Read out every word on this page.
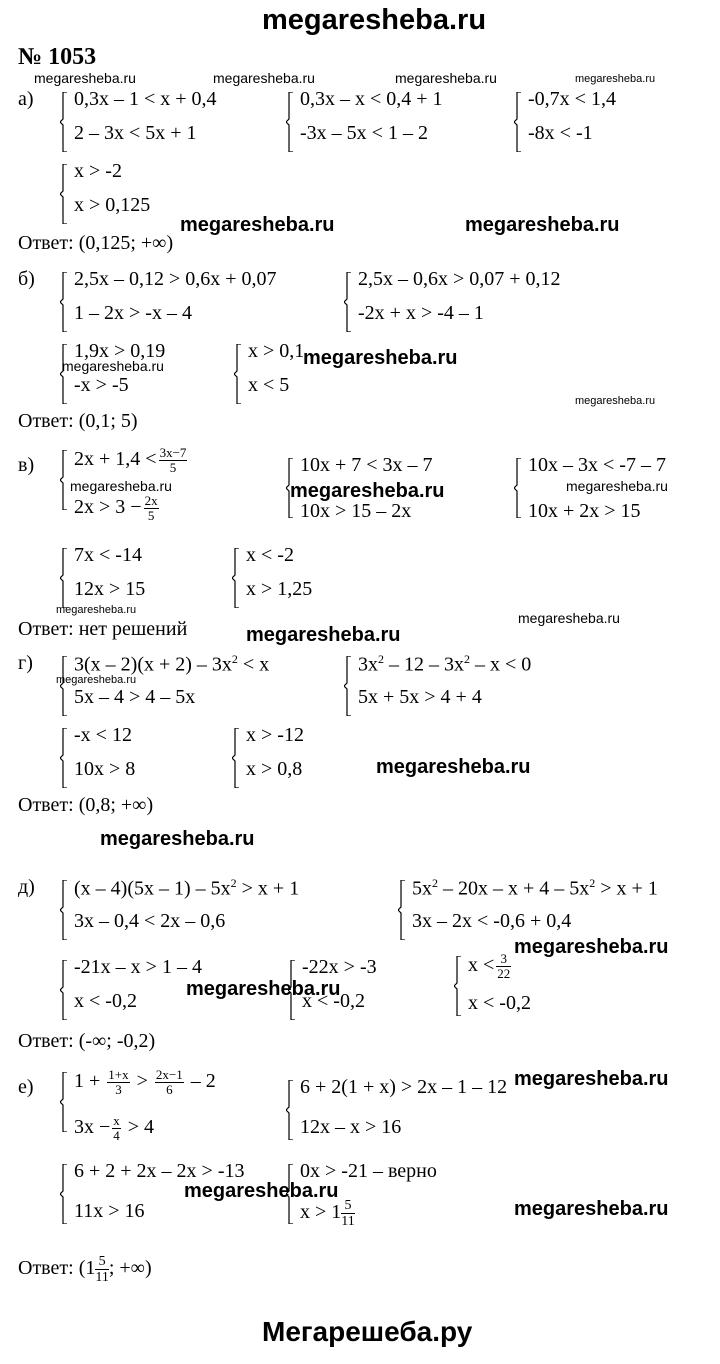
megaresheba.ru
№ 1053
megaresheba.ru	megaresheba.ru	megaresheba.ru	megaresheba.ru
а) 0,3x – 1 < x + 0,4
2 – 3x < 5x + 1
0,3x – x < 0,4 + 1
-3x – 5x < 1 – 2
-0,7x < 1,4
-8x < -1
x > -2
x > 0,125
megaresheba.ru	megaresheba.ru
Ответ: (0,125; +∞)
б) 2,5x – 0,12 > 0,6x + 0,07
1 – 2x > -x – 4
2,5x – 0,6x > 0,07 + 0,12
-2x + x > -4 – 1
1,9x > 0,19
-x > -5
megaresheba.ru
x > 0,1
x < 5
megaresheba.ru
megaresheba.ru
Ответ: (0,1; 5)
в) $2x + 1,4 < \frac{3x-7}{5}$
$2x > 3 - \frac{2x}{5}$
megaresheba.ru
10x + 7 < 3x – 7
10x > 15 – 2x
megaresheba.ru
10x – 3x < -7 – 7
10x + 2x > 15
megaresheba.ru
7x < -14
12x > 15
x < -2
x > 1,25
megaresheba.ru	megaresheba.ru
Ответ: нет решений	megaresheba.ru
г) $3(x - 2)(x + 2) - 3x^2 < x$
5x – 4 > 4 – 5x
megaresheba.ru
$3x^2 - 12 - 3x^2 - x < 0$
5x + 5x > 4 + 4
-x < 12
10x > 8
x > -12
x > 0,8	megaresheba.ru
Ответ: (0,8; +∞)
megaresheba.ru
д) $(x - 4)(5x - 1) - 5x^2 > x + 1$
3x – 0,4 < 2x – 0,6
$5x^2 - 20x - x + 4 - 5x^2 > x + 1$
3x – 2x < -0,6 + 0,4
megaresheba.ru
-21x – x > 1 – 4
x < -0,2
-22x > -3
x < -0,2
megaresheba.ru
$x < \frac{3}{22}$
x < -0,2
Ответ: (-∞; -0,2)
е) $1 + \frac{1+x}{3} > \frac{2x-1}{6} - 2$
$3x - \frac{x}{4} > 4$
6 + 2(1 + x) > 2x – 1 – 12
12x – x > 16
megaresheba.ru
6 + 2 + 2x – 2x > -13
11x > 16
0x > -21 – верно
$x > 1 \frac{5}{11}$
megaresheba.ru
megaresheba.ru
Ответ: ($1 \frac{5}{11}$; +∞)
Мегарешеба.ру
